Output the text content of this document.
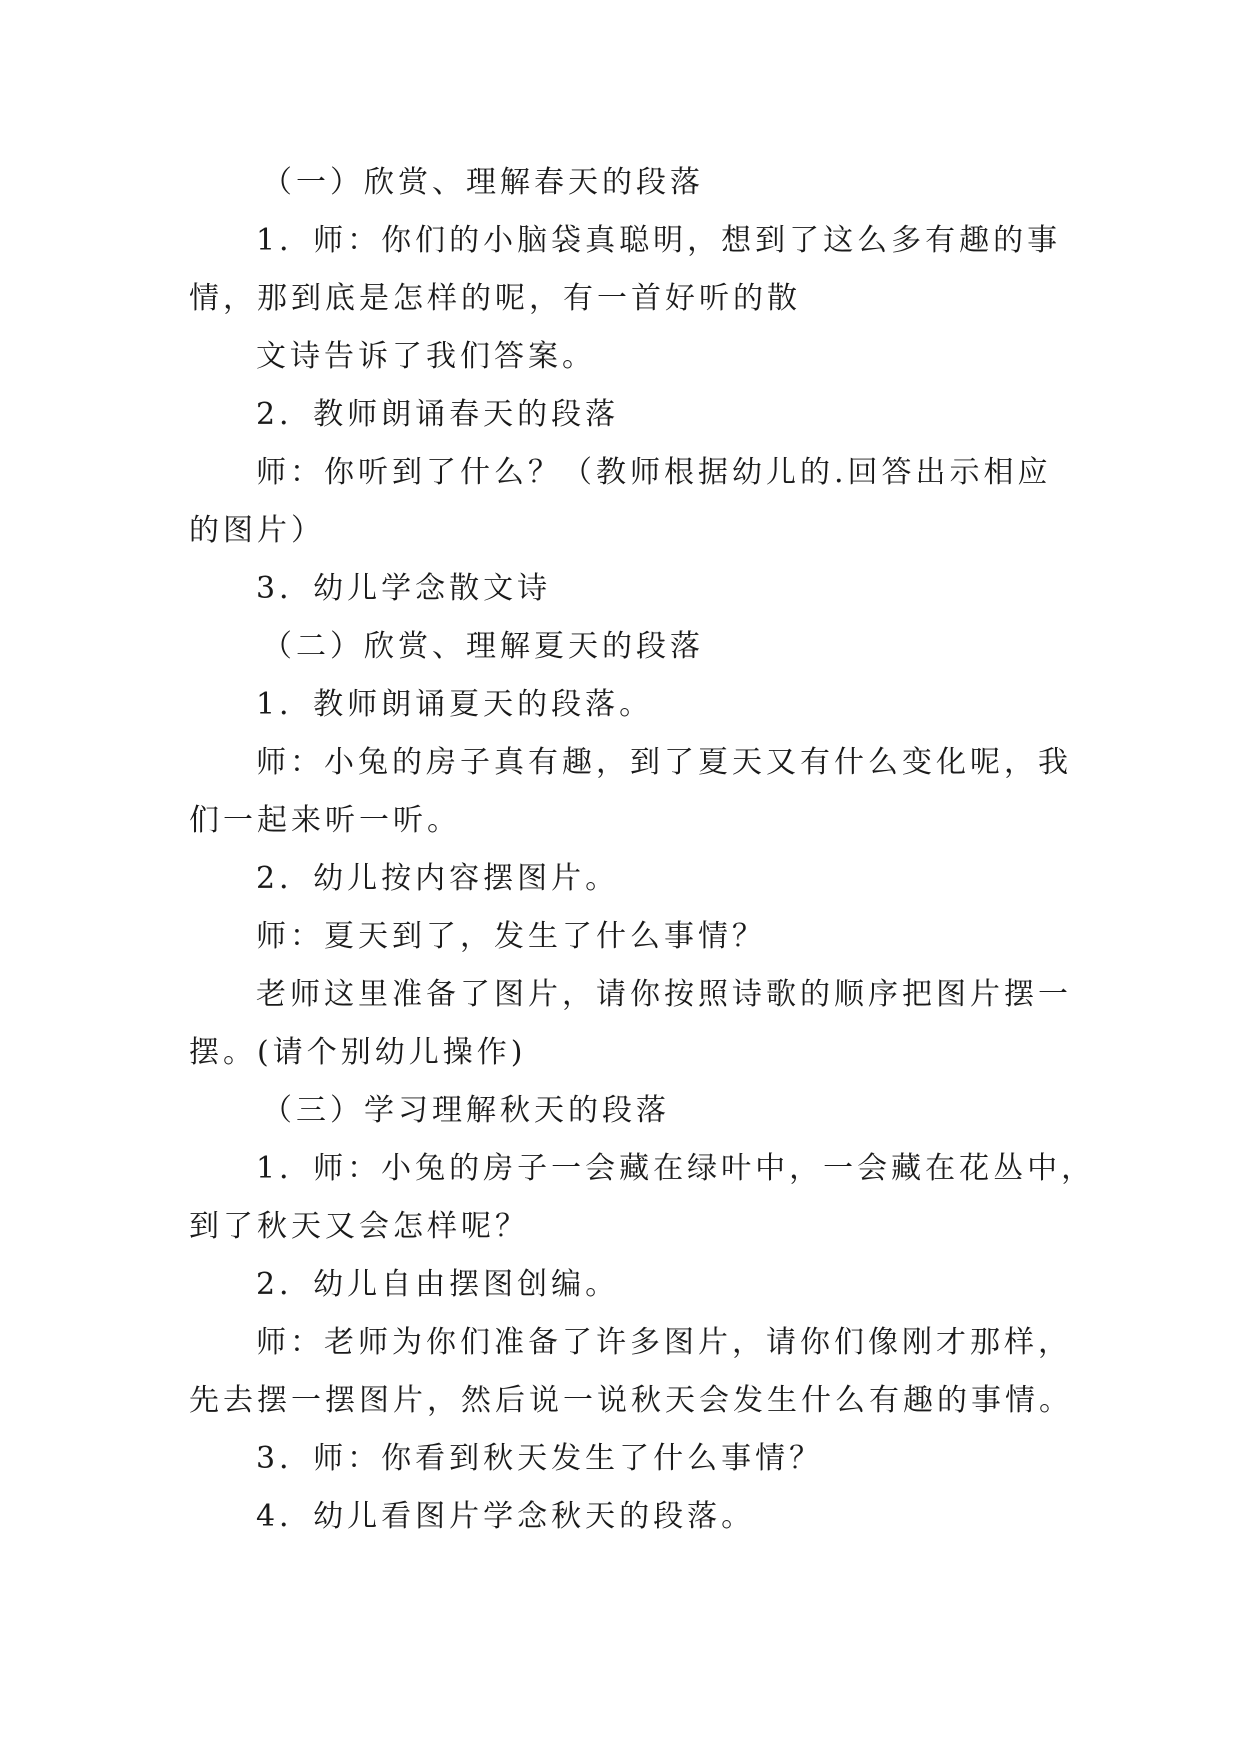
（一）欣赏、理解春天的段落

1．师：你们的小脑袋真聪明，想到了这么多有趣的事

情，那到底是怎样的呢，有一首好听的散

文诗告诉了我们答案。

2．教师朗诵春天的段落

师：你听到了什么？（教师根据幼儿的.回答出示相应

的图片）

3．幼儿学念散文诗

（二）欣赏、理解夏天的段落

1．教师朗诵夏天的段落。

师：小兔的房子真有趣，到了夏天又有什么变化呢，我

们一起来听一听。

2．幼儿按内容摆图片。

师：夏天到了，发生了什么事情？

老师这里准备了图片，请你按照诗歌的顺序把图片摆一

摆。(请个别幼儿操作)

（三）学习理解秋天的段落

1．师：小兔的房子一会藏在绿叶中，一会藏在花丛中，

到了秋天又会怎样呢？

2．幼儿自由摆图创编。

师：老师为你们准备了许多图片，请你们像刚才那样，

先去摆一摆图片，然后说一说秋天会发生什么有趣的事情。

3．师：你看到秋天发生了什么事情？

4．幼儿看图片学念秋天的段落。
